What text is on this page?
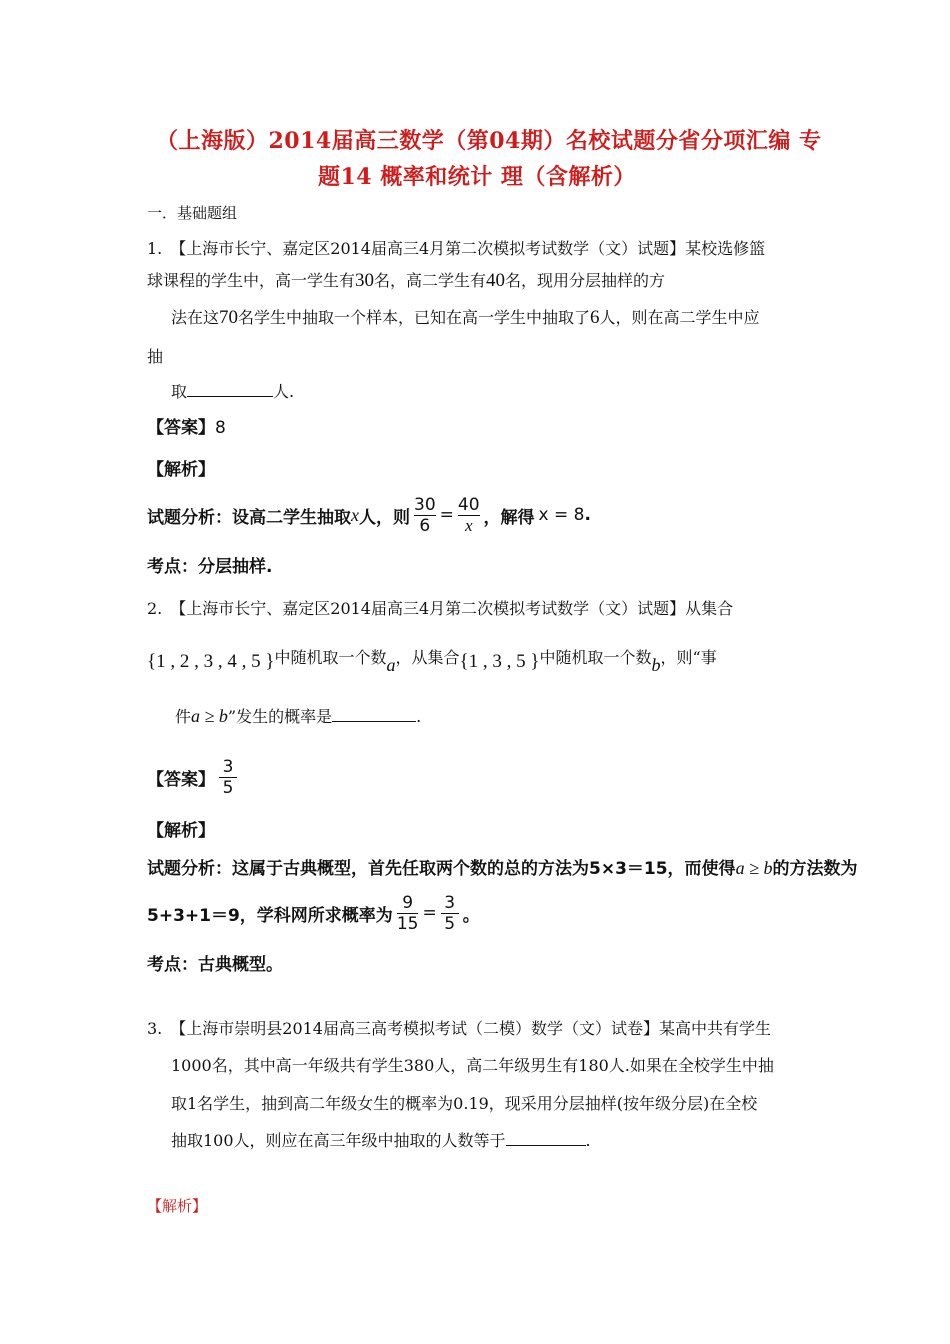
（上海版）2014届高三数学（第04期）名校试题分省分项汇编 专
题14 概率和统计 理（含解析）
一．基础题组
1.　【上海市长宁、嘉定区2014届高三4月第二次模拟考试数学（文）试题】某校选修篮
球课程的学生中，高一学生有30名，高二学生有40名，现用分层抽样的方
法在这70名学生中抽取一个样本，已知在高一学生中抽取了6人，则在高二学生中应
抽
取	人.
【答案】8
【解析】
试题分析：设高二学生抽取 x 人，则 $\frac{30}{6} = \frac{40}{x}$ ，解得 x = 8 .
考点：分层抽样.
2.　【上海市长宁、嘉定区2014届高三4月第二次模拟考试数学（文）试题】从集合
{1 , 2 , 3 , 4 , 5 } 中随机取一个数 a ，从集合 {1 , 3 , 5 } 中随机取一个数 b ，则“事
件a ≥ b”发生的概率是	.
【答案】 $\frac{3}{5}$
【解析】
试题分析：这属于古典概型，首先任取两个数的总的方法为5×3＝15，而使得a ≥ b的方法数为
5+3+1＝9，学科网所求概率为 $\frac{9}{15} = \frac{3}{5}$ 。
考点：古典概型。
3.　【上海市崇明县2014届高三高考模拟考试（二模）数学（文）试卷】某高中共有学生
1000名，其中高一年级共有学生380人，高二年级男生有180人.如果在全校学生中抽
取1名学生，抽到高二年级女生的概率为0.19，现采用分层抽样(按年级分层)在全校
抽取100人，则应在高三年级中抽取的人数等于	.
【解析】
